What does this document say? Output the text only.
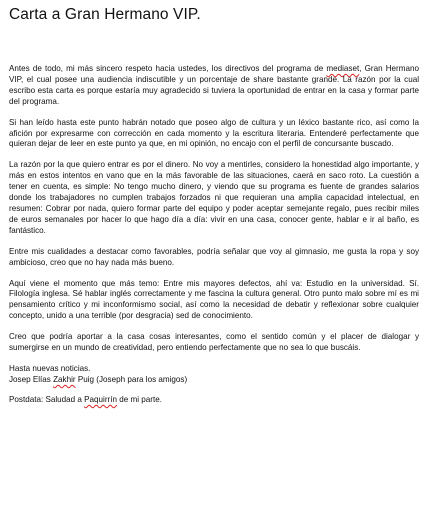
Carta a Gran Hermano VIP.

Antes de todo, mi más sincero respeto hacia ustedes, los directivos del programa de mediaset, Gran Hermano VIP, el cual posee una audiencia indiscutible y un porcentaje de share bastante grande. La razón por la cual escribo esta carta es porque estaría muy agradecido si tuviera la oportunidad de entrar en la casa y formar parte del programa.

Si han leído hasta este punto habrán notado que poseo algo de cultura y un léxico bastante rico, así como la afición por expresarme con corrección en cada momento y la escritura literaria. Entenderé perfectamente que quieran dejar de leer en este punto ya que, en mi opinión, no encajo con el perfil de concursante buscado.

La razón por la que quiero entrar es por el dinero. No voy a mentirles, considero la honestidad algo importante, y más en estos intentos en vano que en la más favorable de las situaciones, caerá en saco roto. La cuestión a tener en cuenta, es simple: No tengo mucho dinero, y viendo que su programa es fuente de grandes salarios donde los trabajadores no cumplen trabajos forzados ni que requieran una amplia capacidad intelectual, en resumen: Cobrar por nada, quiero formar parte del equipo y poder aceptar semejante regalo, pues recibir miles de euros semanales por hacer lo que hago día a día: vivir en una casa, conocer gente, hablar e ir al baño, es fantástico.

Entre mis cualidades a destacar como favorables, podría señalar que voy al gimnasio, me gusta la ropa y soy ambicioso, creo que no hay nada más bueno.

Aquí viene el momento que más temo: Entre mis mayores defectos, ahí va: Estudio en la universidad. Sí. Filología inglesa. Sé hablar inglés correctamente y me fascina la cultura general. Otro punto malo sobre mí es mi pensamiento crítico y mi inconformismo social, así como la necesidad de debatir y reflexionar sobre cualquier concepto, unido a una terrible (por desgracia) sed de conocimiento.

Creo que podría aportar a la casa cosas interesantes, como el sentido común y el placer de dialogar y sumergirse en un mundo de creatividad, pero entiendo perfectamente que no sea lo que buscáis.

Hasta nuevas noticias.

Josep Elías Zakhir Puig (Joseph para los amigos)

Postdata: Saludad a Paquirrín de mi parte.
